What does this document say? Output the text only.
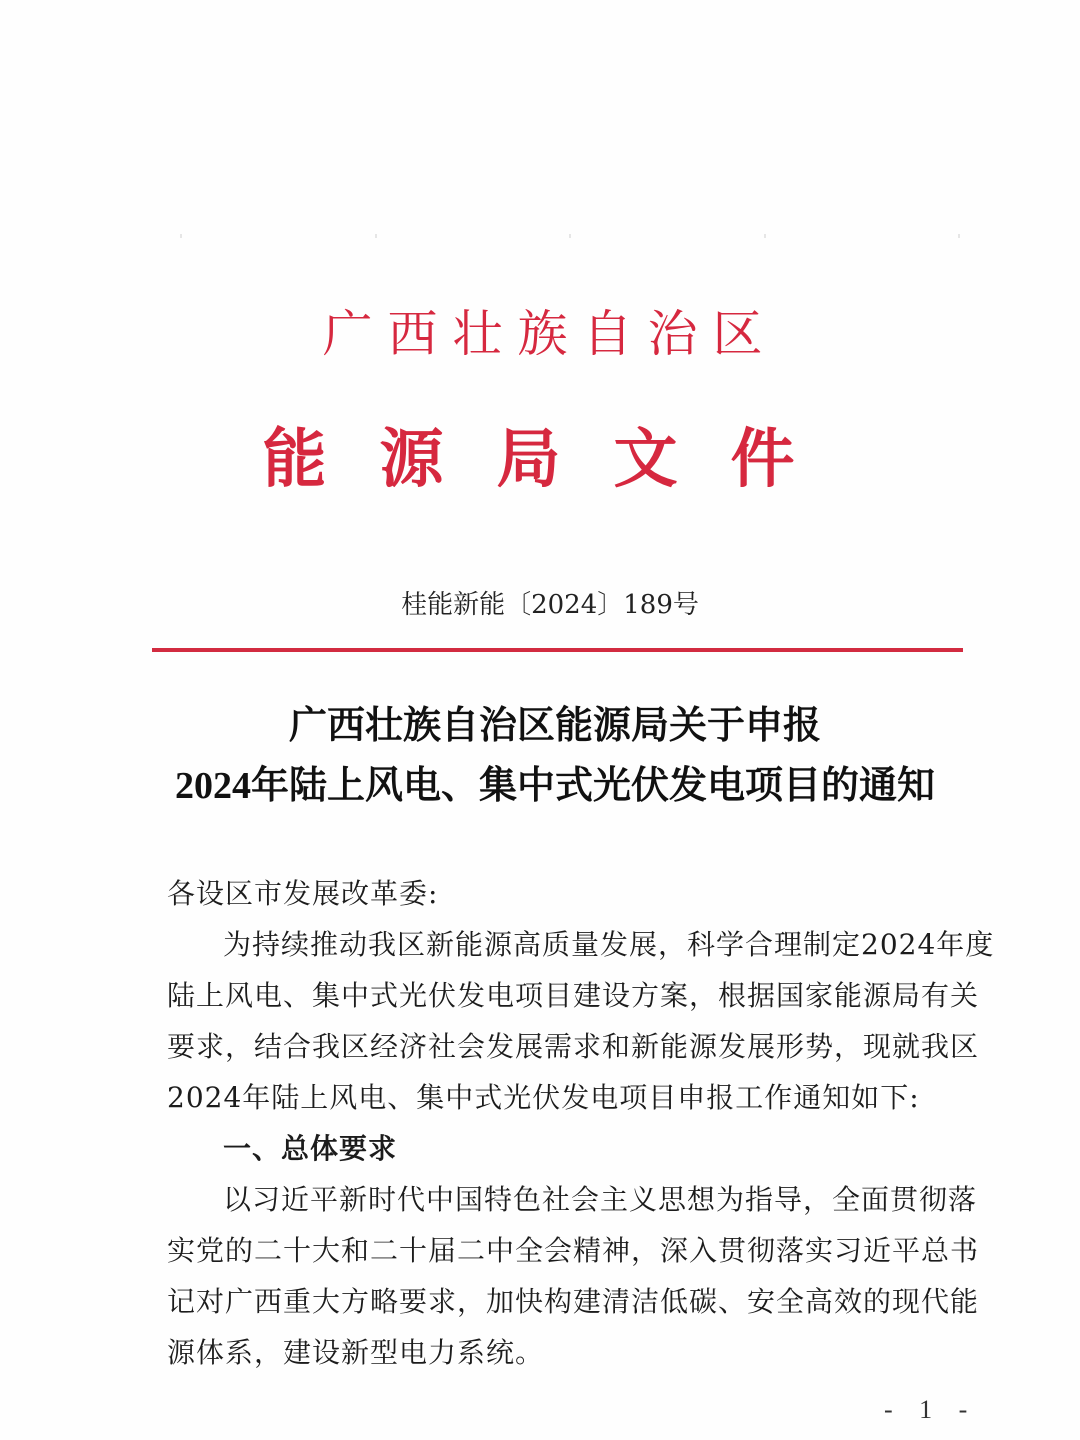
广西壮族自治区
能源局文件
桂能新能〔2024〕189号
广西壮族自治区能源局关于申报
2024年陆上风电、集中式光伏发电项目的通知
各设区市发展改革委:
为持续推动我区新能源高质量发展，科学合理制定2024年度
陆上风电、集中式光伏发电项目建设方案，根据国家能源局有关
要求，结合我区经济社会发展需求和新能源发展形势，现就我区
2024年陆上风电、集中式光伏发电项目申报工作通知如下:
一、总体要求
以习近平新时代中国特色社会主义思想为指导，全面贯彻落
实党的二十大和二十届二中全会精神，深入贯彻落实习近平总书
记对广西重大方略要求，加快构建清洁低碳、安全高效的现代能
源体系，建设新型电力系统。
- 1 -
